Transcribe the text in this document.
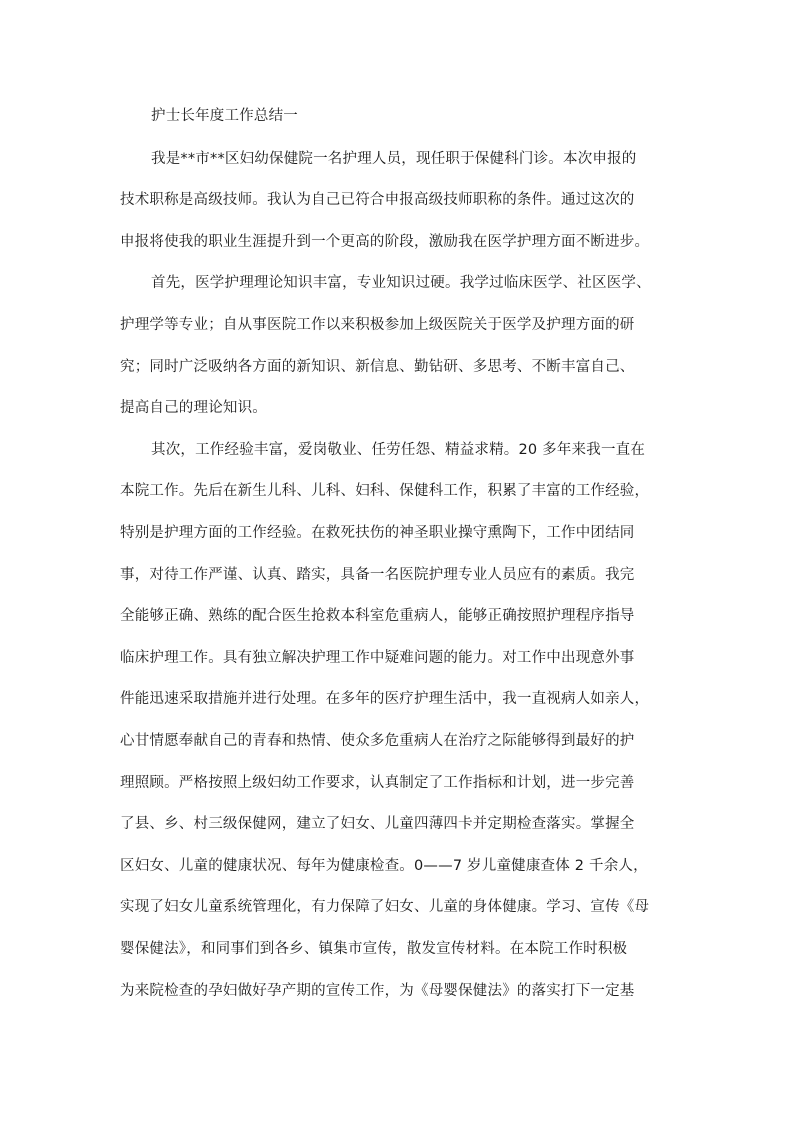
护士长年度工作总结一
我是**市**区妇幼保健院一名护理人员，现任职于保健科门诊。本次申报的
技术职称是高级技师。我认为自己已符合申报高级技师职称的条件。通过这次的
申报将使我的职业生涯提升到一个更高的阶段，激励我在医学护理方面不断进步。
首先，医学护理理论知识丰富，专业知识过硬。我学过临床医学、社区医学、
护理学等专业；自从事医院工作以来积极参加上级医院关于医学及护理方面的研
究；同时广泛吸纳各方面的新知识、新信息、勤钻研、多思考、不断丰富自己、
提高自己的理论知识。
其次，工作经验丰富，爱岗敬业、任劳任怨、精益求精。20 多年来我一直在
本院工作。先后在新生儿科、儿科、妇科、保健科工作，积累了丰富的工作经验，
特别是护理方面的工作经验。在救死扶伤的神圣职业操守熏陶下，工作中团结同
事，对待工作严谨、认真、踏实，具备一名医院护理专业人员应有的素质。我完
全能够正确、熟练的配合医生抢救本科室危重病人，能够正确按照护理程序指导
临床护理工作。具有独立解决护理工作中疑难问题的能力。对工作中出现意外事
件能迅速采取措施并进行处理。在多年的医疗护理生活中，我一直视病人如亲人，
心甘情愿奉献自己的青春和热情、使众多危重病人在治疗之际能够得到最好的护
理照顾。严格按照上级妇幼工作要求，认真制定了工作指标和计划，进一步完善
了县、乡、村三级保健网，建立了妇女、儿童四薄四卡并定期检查落实。掌握全
区妇女、儿童的健康状况、每年为健康检查。0——7 岁儿童健康查体 2 千余人，
实现了妇女儿童系统管理化，有力保障了妇女、儿童的身体健康。学习、宣传《母
婴保健法》，和同事们到各乡、镇集市宣传，散发宣传材料。在本院工作时积极
为来院检查的孕妇做好孕产期的宣传工作，为《母婴保健法》的落实打下一定基
